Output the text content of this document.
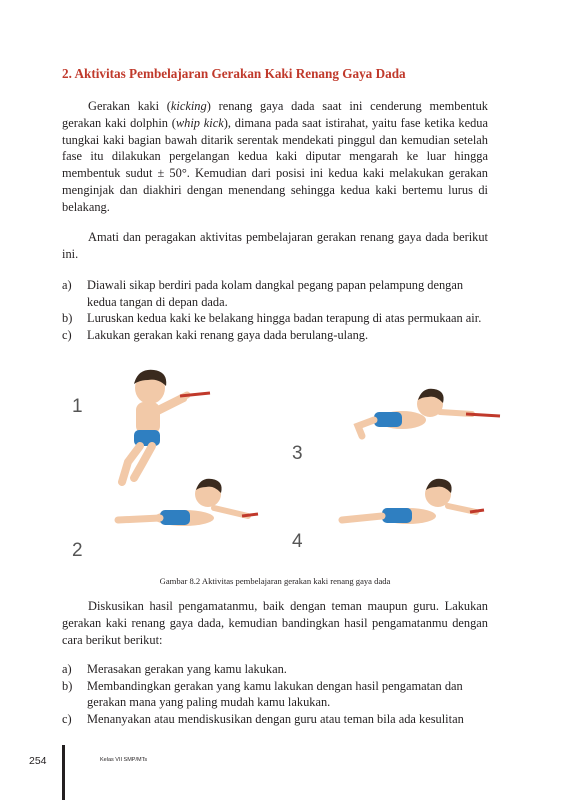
2. Aktivitas Pembelajaran Gerakan Kaki Renang Gaya Dada
Gerakan kaki (kicking) renang gaya dada saat ini cenderung membentuk gerakan kaki dolphin (whip kick), dimana pada saat istirahat, yaitu fase ketika kedua tungkai kaki bagian bawah ditarik serentak mendekati pinggul dan kemudian setelah fase itu dilakukan pergelangan kedua kaki diputar mengarah ke luar hingga membentuk sudut ± 50°. Kemudian dari posisi ini kedua kaki melakukan gerakan menginjak dan diakhiri dengan menendang sehingga kedua kaki bertemu lurus di belakang.
Amati dan peragakan aktivitas pembelajaran gerakan renang gaya dada berikut ini.
a) Diawali sikap berdiri pada kolam dangkal pegang papan pelampung dengan kedua tangan di depan dada.
b) Luruskan kedua kaki ke belakang hingga badan terapung di atas permukaan air.
c) Lakukan gerakan kaki renang gaya dada berulang-ulang.
1
2
3
4
Gambar 8.2 Aktivitas pembelajaran gerakan kaki renang gaya dada
Diskusikan hasil pengamatanmu, baik dengan teman maupun guru. Lakukan gerakan kaki renang gaya dada, kemudian bandingkan hasil pengamatanmu dengan cara berikut berikut:
a) Merasakan gerakan yang kamu lakukan.
b) Membandingkan gerakan yang kamu lakukan dengan hasil pengamatan dan gerakan mana yang paling mudah kamu lakukan.
c) Menanyakan atau mendiskusikan dengan guru atau teman bila ada kesulitan
254	Kelas VII SMP/MTs
